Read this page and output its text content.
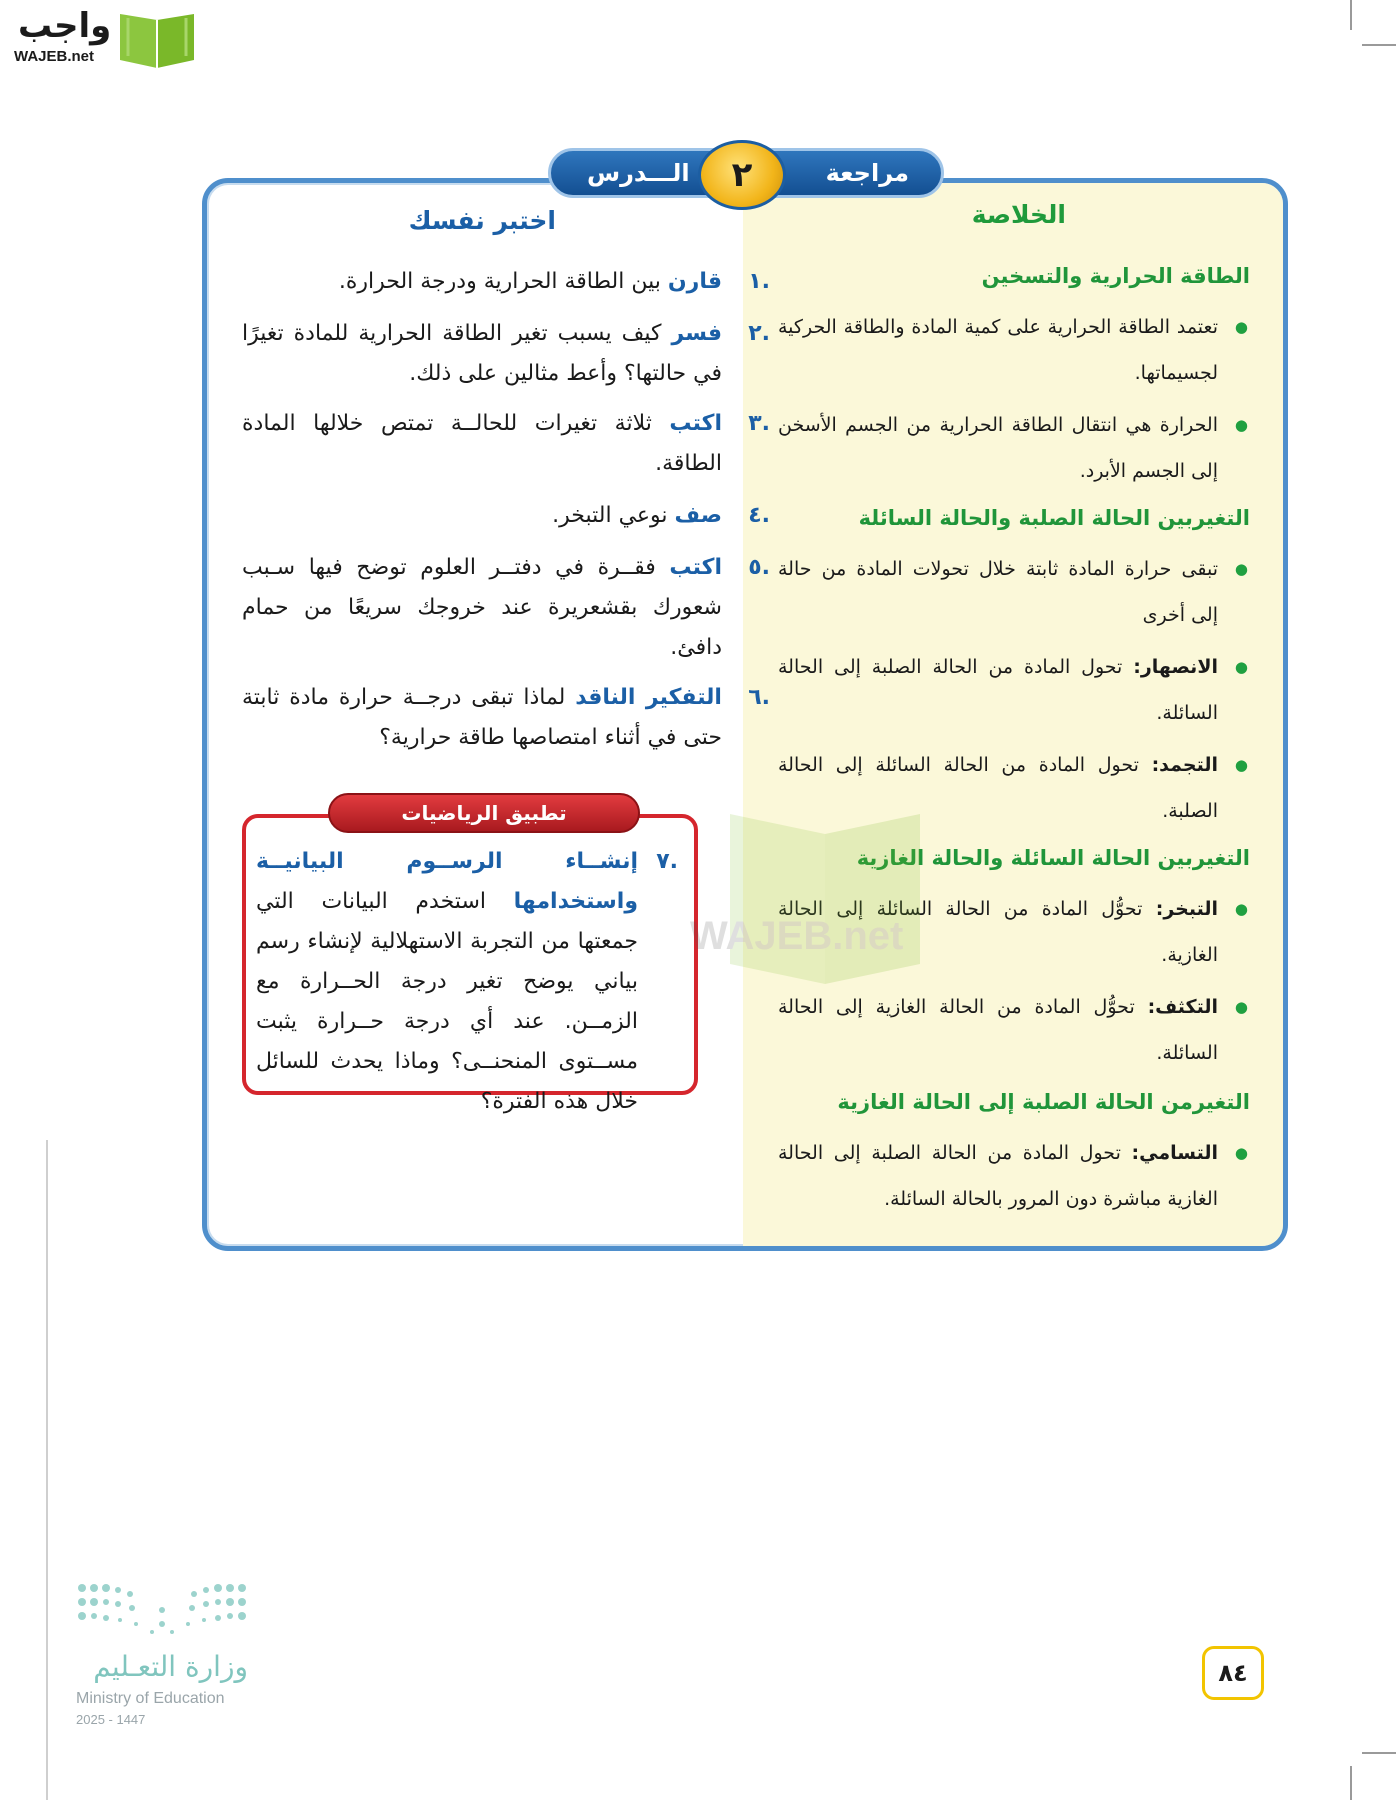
واجب
WAJEB.net
الـــدرس	مراجعة
٢
الخلاصة
اختبر نفسك
الطاقة الحرارية والتسخين
● تعتمد الطاقة الحرارية على كمية المادة والطاقة الحركية لجسيماتها.
● الحرارة هي انتقال الطاقة الحرارية من الجسم الأسخن إلى الجسم الأبرد.
التغيربين الحالة الصلبة والحالة السائلة
● تبقى حرارة المادة ثابتة خلال تحولات المادة من حالة إلى أخرى
● الانصهار: تحول المادة من الحالة الصلبة إلى الحالة السائلة.
● التجمد: تحول المادة من الحالة السائلة إلى الحالة الصلبة.
التغيربين الحالة السائلة والحالة الغازية
● التبخر: تحوُّل المادة من الحالة السائلة إلى الحالة الغازية.
● التكثف: تحوُّل المادة من الحالة الغازية إلى الحالة السائلة.
التغيرمن الحالة الصلبة إلى الحالة الغازية
● التسامي: تحول المادة من الحالة الصلبة إلى الحالة الغازية مباشرة دون المرور بالحالة السائلة.
.١
قارن بين الطاقة الحرارية ودرجة الحرارة.
.٢
فسر كيف يسبب تغير الطاقة الحرارية للمادة تغيرًا في حالتها؟ وأعط مثالين على ذلك.
.٣
اكتب ثلاثة تغيرات للحالــة تمتص خلالها المادة الطاقة.
.٤
صف نوعي التبخر.
.٥
اكتب فقــرة في دفتــر العلوم توضح فيها سـبب شعورك بقشعريرة عند خروجك سريعًا من حمام دافئ.
.٦
التفكير الناقد لماذا تبقى درجــة حرارة مادة ثابتة حتى في أثناء امتصاصها طاقة حرارية؟
تطبيق الرياضيات
.٧
إنشــاء الرســوم البيانيــة واستخدامها استخدم البيانات التي جمعتها من التجربة الاستهلالية لإنشاء رسم بياني يوضح تغير درجة الحــرارة مع الزمــن. عند أي درجة حــرارة يثبت مســتوى المنحنــى؟ وماذا يحدث للسائل خلال هذه الفترة؟
WAJEB.net
٨٤
وزارة التعـليم
Ministry of Education
2025 - 1447
